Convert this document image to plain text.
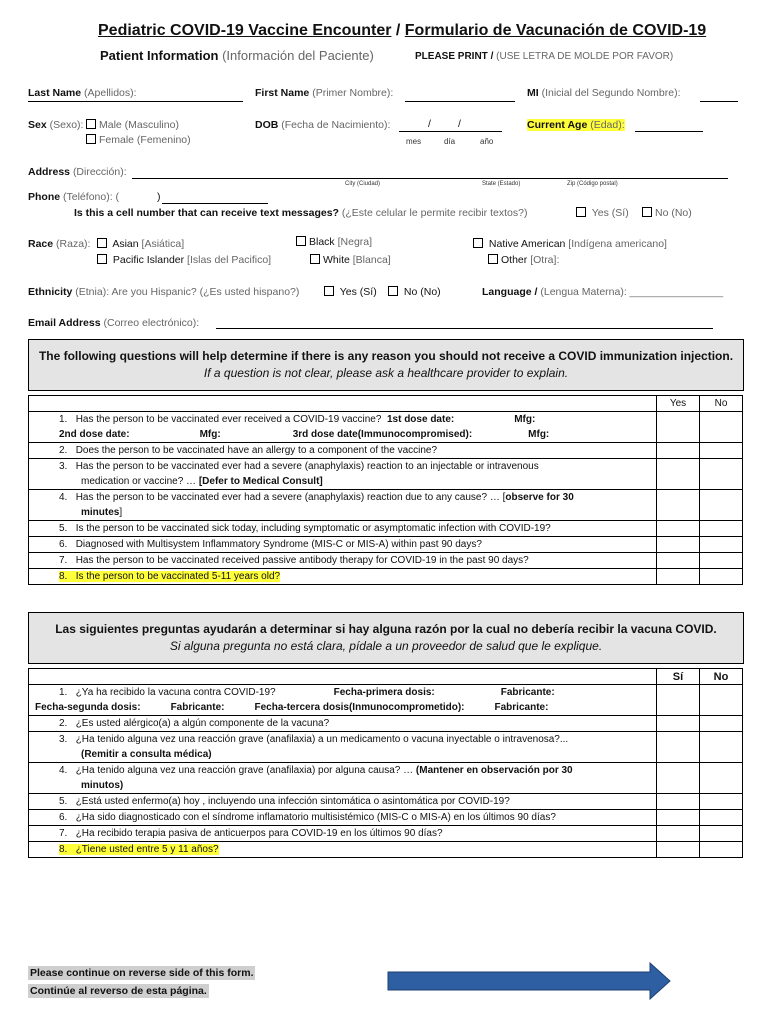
Pediatric COVID-19 Vaccine Encounter / Formulario de Vacunación de COVID-19
Patient Information (Información del Paciente)	PLEASE PRINT / (USE LETRA DE MOLDE POR FAVOR)
Last Name (Apellidos):	First Name (Primer Nombre):	MI (Inicial del Segundo Nombre):
Sex (Sexo):	Male (Masculino)
Female (Femenino)
DOB (Fecha de Nacimiento):	/	/
mes	día	año
Current Age (Edad):
Address (Dirección):
City (Ciudad)	State (Estado)	Zip (Código postal)
Phone (Teléfono): (	)
Is this a cell number that can receive text messages? (¿Este celular le permite recibir textos?)	Yes (Sí)	No (No)
Race (Raza):	Asian [Asiática]	Black [Negra]	Native American [Indígena americano]
Pacific Islander [Islas del Pacifico]	White [Blanca]	Other [Otra]:
Ethnicity (Etnia): Are you Hispanic? (¿Es usted hispano?)	Yes (Sí)	No (No)	Language / (Lengua Materna): ________________
Email Address (Correo electrónico):
The following questions will help determine if there is any reason you should not receive a COVID immunization injection.
If a question is not clear, please ask a healthcare provider to explain.
	Yes	No
1. Has the person to be vaccinated ever received a COVID-19 vaccine? 1st dose date: Mfg:		
2nd dose date: Mfg: 3rd dose date(Immunocompromised): Mfg:		
2. Does the person to be vaccinated have an allergy to a component of the vaccine?		
3. Has the person to be vaccinated ever had a severe (anaphylaxis) reaction to an injectable or intravenous
medication or vaccine? … [Defer to Medical Consult]		
4. Has the person to be vaccinated ever had a severe (anaphylaxis) reaction due to any cause? … [observe for 30
minutes]		
5. Is the person to be vaccinated sick today, including symptomatic or asymptomatic infection with COVID-19?		
6. Diagnosed with Multisystem Inflammatory Syndrome (MIS-C or MIS-A) within past 90 days?		
7. Has the person to be vaccinated received passive antibody therapy for COVID-19 in the past 90 days?		
8. Is the person to be vaccinated 5-11 years old?		
Las siguientes preguntas ayudarán a determinar si hay alguna razón por la cual no debería recibir la vacuna COVID.
Si alguna pregunta no está clara, pídale a un proveedor de salud que le explique.
	Sí	No
1. ¿Ya ha recibido la vacuna contra COVID-19? Fecha-primera dosis: Fabricante:		
Fecha-segunda dosis: Fabricante: Fecha-tercera dosis(Inmunocomprometido): Fabricante:		
2. ¿Es usted alérgico(a) a algún componente de la vacuna?		
3. ¿Ha tenido alguna vez una reacción grave (anafilaxia) a un medicamento o vacuna inyectable o intravenosa?...
(Remitir a consulta médica)		
4. ¿Ha tenido alguna vez una reacción grave (anafilaxia) por alguna causa? … (Mantener en observación por 30
minutos)		
5. ¿Está usted enfermo(a) hoy , incluyendo una infección sintomática o asintomática por COVID-19?		
6. ¿Ha sido diagnosticado con el síndrome inflamatorio multisistémico (MIS-C o MIS-A) en los últimos 90 días?		
7. ¿Ha recibido terapia pasiva de anticuerpos para COVID-19 en los últimos 90 días?		
8. ¿Tiene usted entre 5 y 11 años?		
Please continue on reverse side of this form.
Continúe al reverso de esta página.
